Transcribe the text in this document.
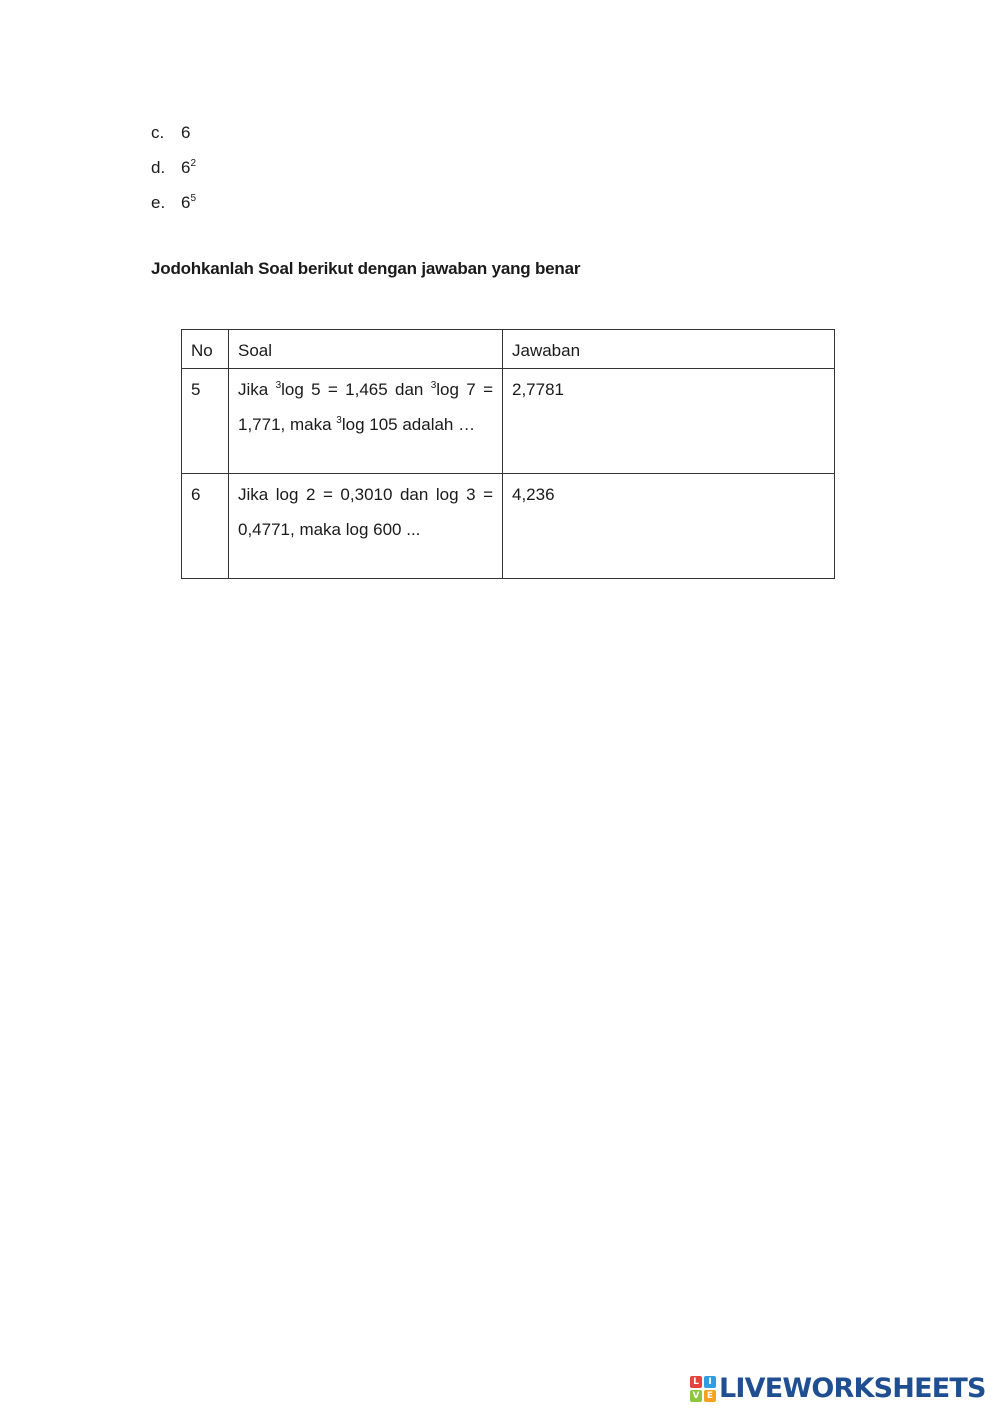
c. 6
d. $6^2$
e. $6^5$
Jodohkanlah Soal berikut dengan jawaban yang benar
No	Soal	Jawaban
5	Jika $^3$log 5 = 1,465 dan $^3$log 7 = 1,771, maka $^3$log 105 adalah …	2,7781
6	Jika log 2 = 0,3010 dan log 3 = 0,4771, maka log 600 ...	4,236
L	I
V E LIVEWORKSHEETS
